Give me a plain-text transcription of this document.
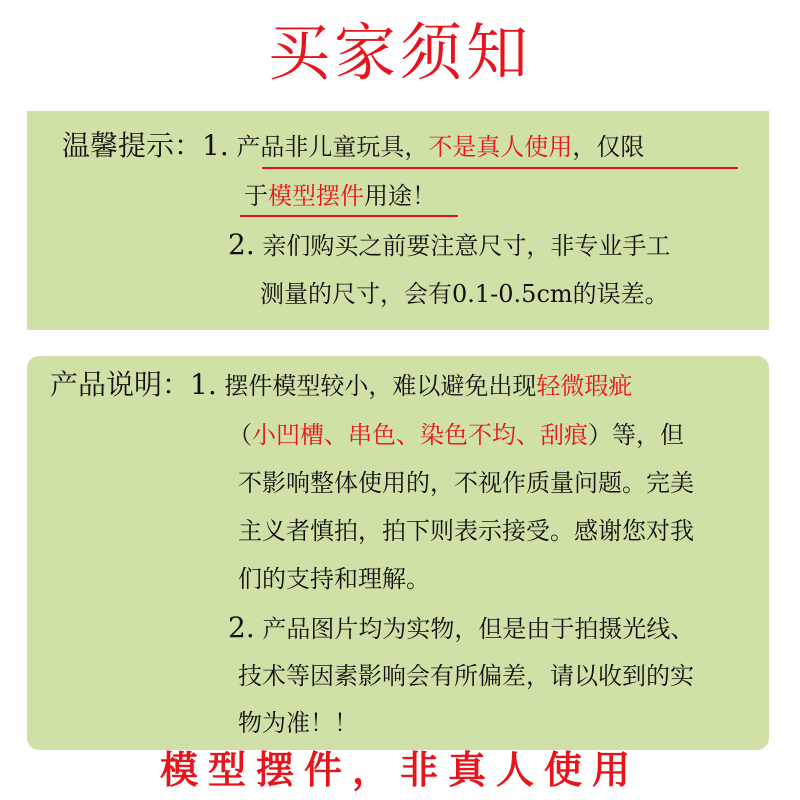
买家须知
温馨提示：1. 产品非儿童玩具，不是真人使用，仅限
于模型摆件用途！
2. 亲们购买之前要注意尺寸，非专业手工
测量的尺寸，会有0.1-0.5cm的误差。
产品说明：1. 摆件模型较小，难以避免出现轻微瑕疵
（小凹槽、串色、染色不均、刮痕）等，但
不影响整体使用的，不视作质量问题。完美
主义者慎拍，拍下则表示接受。感谢您对我
们的支持和理解。
2. 产品图片均为实物，但是由于拍摄光线、
技术等因素影响会有所偏差，请以收到的实
物为准！！
模型摆件，非真人使用
